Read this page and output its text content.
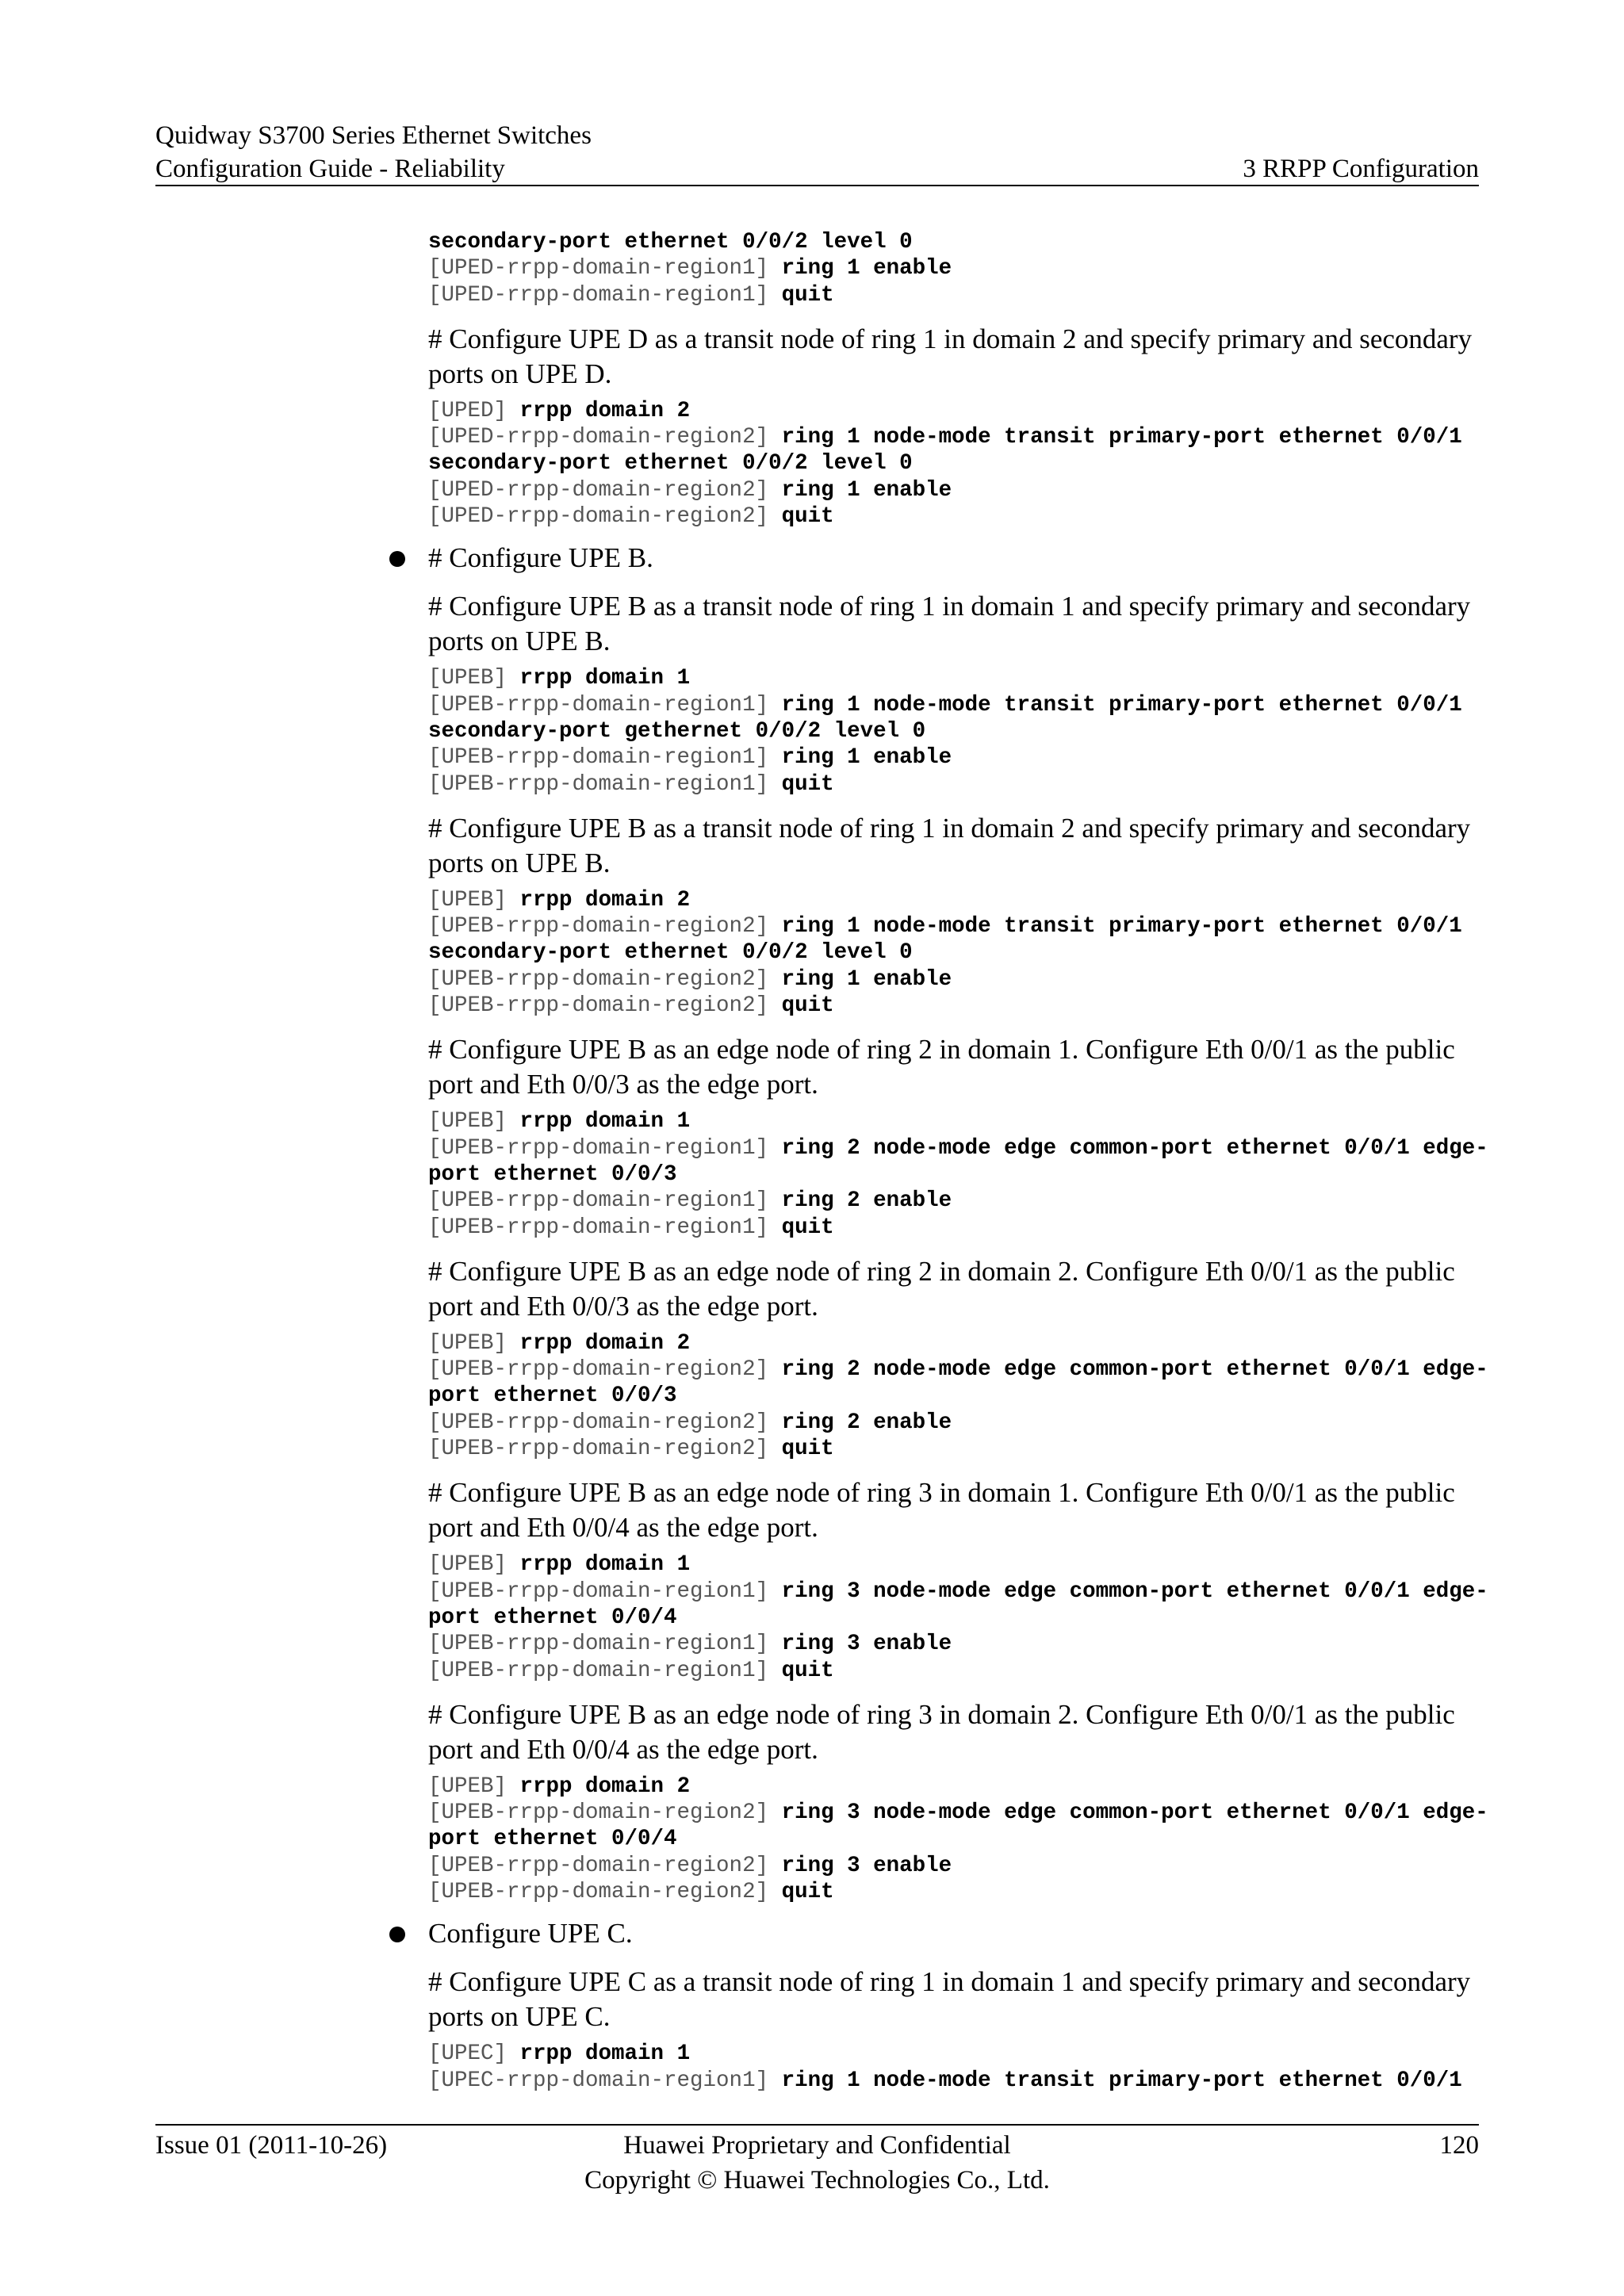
Quidway S3700 Series Ethernet Switches
Configuration Guide - Reliability	3 RRPP Configuration
secondary-port ethernet 0/0/2 level 0
[UPED-rrpp-domain-region1] ring 1 enable
[UPED-rrpp-domain-region1] quit
# Configure UPE D as a transit node of ring 1 in domain 2 and specify primary and secondary ports on UPE D.
[UPED] rrpp domain 2
[UPED-rrpp-domain-region2] ring 1 node-mode transit primary-port ethernet 0/0/1
secondary-port ethernet 0/0/2 level 0
[UPED-rrpp-domain-region2] ring 1 enable
[UPED-rrpp-domain-region2] quit
# Configure UPE B.
# Configure UPE B as a transit node of ring 1 in domain 1 and specify primary and secondary ports on UPE B.
[UPEB] rrpp domain 1
[UPEB-rrpp-domain-region1] ring 1 node-mode transit primary-port ethernet 0/0/1
secondary-port gethernet 0/0/2 level 0
[UPEB-rrpp-domain-region1] ring 1 enable
[UPEB-rrpp-domain-region1] quit
# Configure UPE B as a transit node of ring 1 in domain 2 and specify primary and secondary ports on UPE B.
[UPEB] rrpp domain 2
[UPEB-rrpp-domain-region2] ring 1 node-mode transit primary-port ethernet 0/0/1
secondary-port ethernet 0/0/2 level 0
[UPEB-rrpp-domain-region2] ring 1 enable
[UPEB-rrpp-domain-region2] quit
# Configure UPE B as an edge node of ring 2 in domain 1. Configure Eth 0/0/1 as the public port and Eth 0/0/3 as the edge port.
[UPEB] rrpp domain 1
[UPEB-rrpp-domain-region1] ring 2 node-mode edge common-port ethernet 0/0/1 edge-
port ethernet 0/0/3
[UPEB-rrpp-domain-region1] ring 2 enable
[UPEB-rrpp-domain-region1] quit
# Configure UPE B as an edge node of ring 2 in domain 2. Configure Eth 0/0/1 as the public port and Eth 0/0/3 as the edge port.
[UPEB] rrpp domain 2
[UPEB-rrpp-domain-region2] ring 2 node-mode edge common-port ethernet 0/0/1 edge-
port ethernet 0/0/3
[UPEB-rrpp-domain-region2] ring 2 enable
[UPEB-rrpp-domain-region2] quit
# Configure UPE B as an edge node of ring 3 in domain 1. Configure Eth 0/0/1 as the public port and Eth 0/0/4 as the edge port.
[UPEB] rrpp domain 1
[UPEB-rrpp-domain-region1] ring 3 node-mode edge common-port ethernet 0/0/1 edge-
port ethernet 0/0/4
[UPEB-rrpp-domain-region1] ring 3 enable
[UPEB-rrpp-domain-region1] quit
# Configure UPE B as an edge node of ring 3 in domain 2. Configure Eth 0/0/1 as the public port and Eth 0/0/4 as the edge port.
[UPEB] rrpp domain 2
[UPEB-rrpp-domain-region2] ring 3 node-mode edge common-port ethernet 0/0/1 edge-
port ethernet 0/0/4
[UPEB-rrpp-domain-region2] ring 3 enable
[UPEB-rrpp-domain-region2] quit
Configure UPE C.
# Configure UPE C as a transit node of ring 1 in domain 1 and specify primary and secondary ports on UPE C.
[UPEC] rrpp domain 1
[UPEC-rrpp-domain-region1] ring 1 node-mode transit primary-port ethernet 0/0/1
Issue 01 (2011-10-26)	Huawei Proprietary and Confidential
Copyright © Huawei Technologies Co., Ltd.
120
